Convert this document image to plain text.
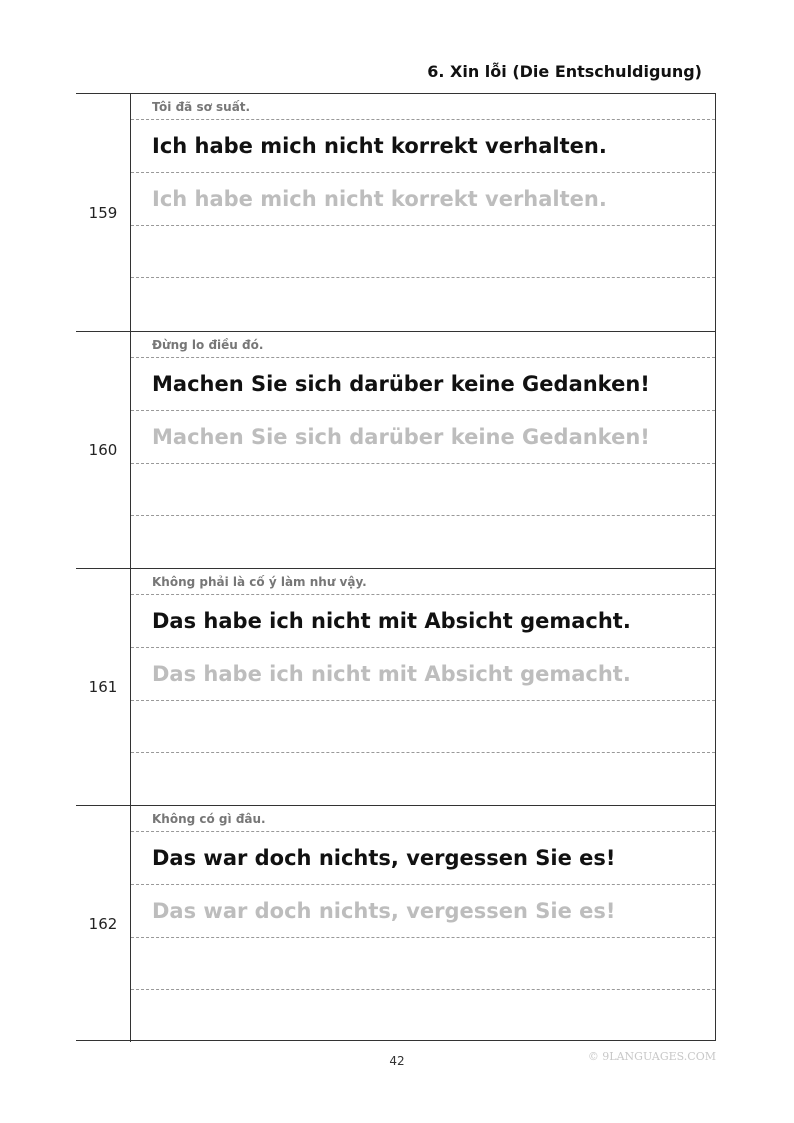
6. Xin lỗi (Die Entschuldigung)
159
Tôi đã sơ suất.
Ich habe mich nicht korrekt verhalten.
Ich habe mich nicht korrekt verhalten.
160
Đừng lo điều đó.
Machen Sie sich darüber keine Gedanken!
Machen Sie sich darüber keine Gedanken!
161
Không phải là cố ý làm như vậy.
Das habe ich nicht mit Absicht gemacht.
Das habe ich nicht mit Absicht gemacht.
162
Không có gì đâu.
Das war doch nichts, vergessen Sie es!
Das war doch nichts, vergessen Sie es!
42	© 9LANGUAGES.COM
